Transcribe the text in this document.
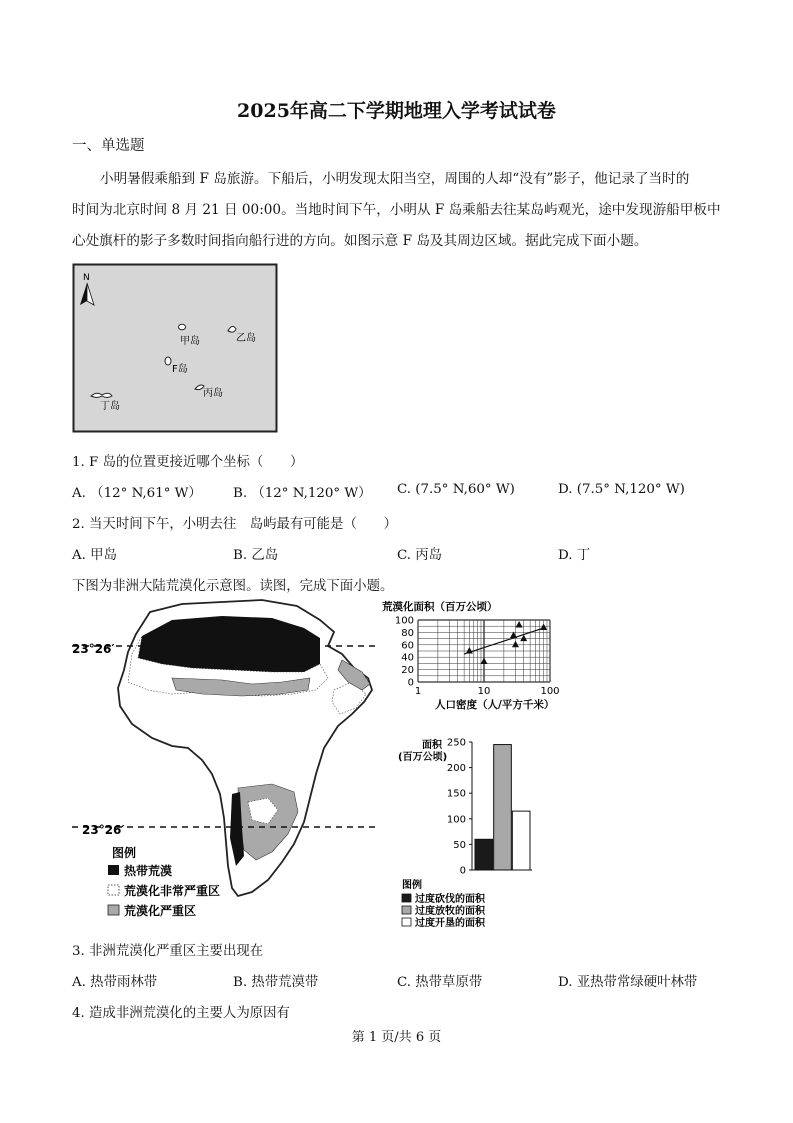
2025年高二下学期地理入学考试试卷
一、单选题
小明暑假乘船到 F 岛旅游。下船后，小明发现太阳当空，周围的人却“没有”影子，他记录了当时的
时间为北京时间 8 月 21 日 00:00。当地时间下午，小明从 F 岛乘船去往某岛屿观光，途中发现游船甲板中
心处旗杆的影子多数时间指向船行进的方向。如图示意 F 岛及其周边区域。据此完成下面小题。
N
甲岛	乙岛
F岛
丙岛
丁岛
1. F 岛的位置更接近哪个坐标（　　）
A. （12° N,61° W） B. （12° N,120° W） C. (7.5° N,60° W)	D. (7.5° N,120° W)
2. 当天时间下午，小明去往　岛屿最有可能是（　　）
A. 甲岛	B. 乙岛	C. 丙岛	D. 丁
下图为非洲大陆荒漠化示意图。读图，完成下面小题。
23°26′
23°26′
图例
热带荒漠
荒漠化非常严重区
荒漠化严重区
荒漠化面积（百万公顷）
0
20
40
60
80
100
1	10	100
人口密度（人/平方千米）
面积
(百万公顷)
0
50
100
150
200
250
图例
过度砍伐的面积
过度放牧的面积
过度开垦的面积
3. 非洲荒漠化严重区主要出现在
A. 热带雨林带	B. 热带荒漠带	C. 热带草原带	D. 亚热带常绿硬叶林带
4. 造成非洲荒漠化的主要人为原因有
第 1 页/共 6 页
